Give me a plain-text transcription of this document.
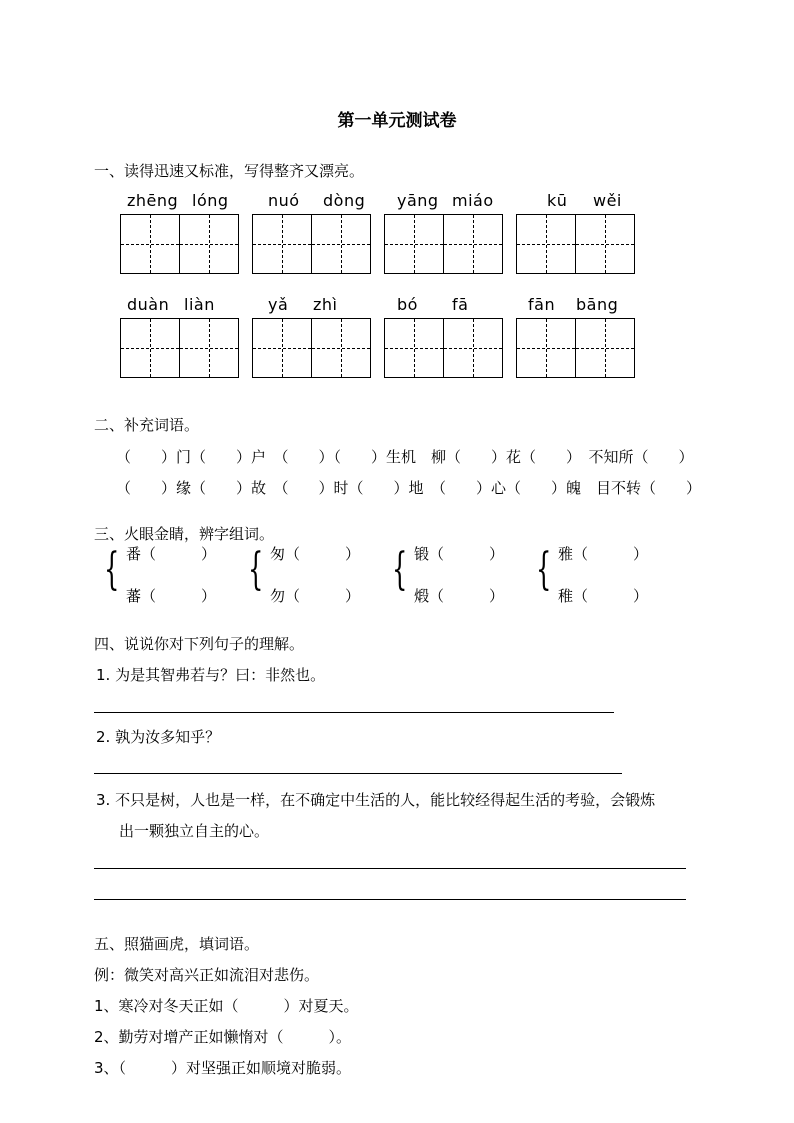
第一单元测试卷
一、读得迅速又标准，写得整齐又漂亮。
zhēng lóng nuó dòng yāng miáo	kū wěi
duàn liàn	yǎ zhì	bó fā	fān bāng
二、补充词语。
（　　）门（　　）户　（　　）（　　）生机　柳（　　）花（　　）　不知所（　　）
（　　）缘（　　）故　（　　）时（　　）地　（　　）心（　　）魄　目不转（　　）
三、火眼金睛，辨字组词。
{ 番（　　　）
蕃（　　　）
{ 匆（　　　）
勿（　　　）
{ 锻（　　　）
煅（　　　）
{ 雅（　　　）
稚（　　　）
四、说说你对下列句子的理解。
1. 为是其智弗若与？曰：非然也。
2. 孰为汝多知乎？
3. 不只是树，人也是一样，在不确定中生活的人，能比较经得起生活的考验，会锻炼
出一颗独立自主的心。
五、照猫画虎，填词语。
例：微笑对高兴正如流泪对悲伤。
1、寒冷对冬天正如（　　　）对夏天。
2、勤劳对增产正如懒惰对（　　　）。
3、（　　　）对坚强正如顺境对脆弱。
